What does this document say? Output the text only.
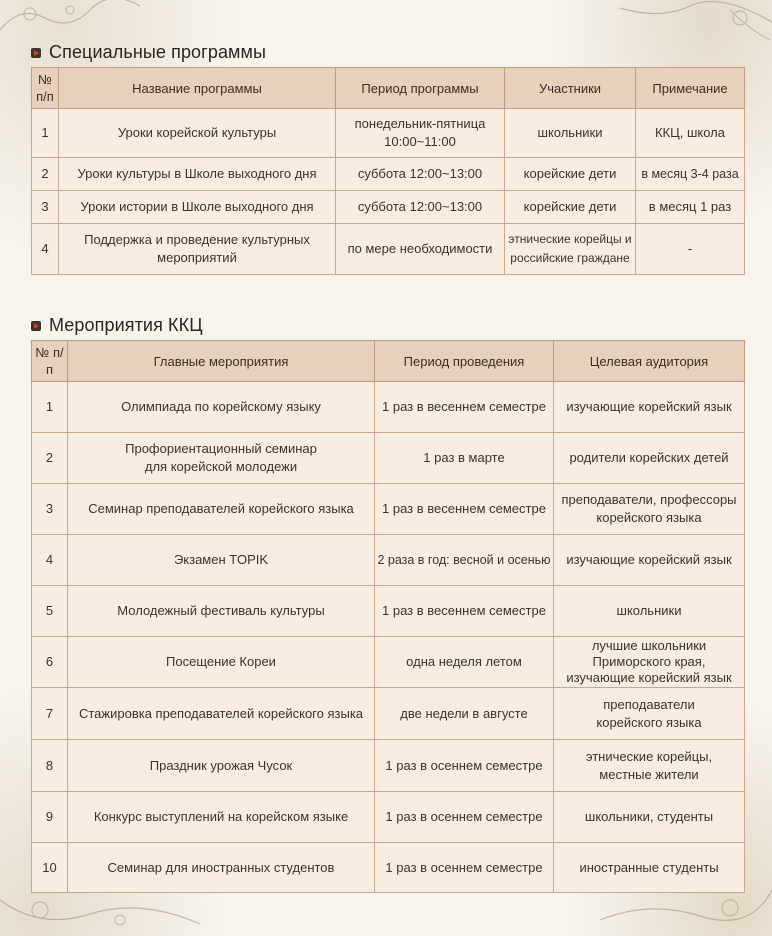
Специальные программы
№ п/п	Название программы	Период программы	Участники	Примечание
1	Уроки корейской культуры	понедельник-пятница 10:00~11:00	школьники	ККЦ, школа
2	Уроки культуры в Школе выходного дня	суббота 12:00~13:00	корейские дети	в месяц 3-4 раза
3	Уроки истории в Школе выходного дня	суббота 12:00~13:00	корейские дети	в месяц 1 раз
4	Поддержка и проведение культурных мероприятий	по мере необходимости	этнические корейцы и российские граждане	-
Мероприятия ККЦ
№ п/п	Главные мероприятия	Период проведения	Целевая аудитория
1	Олимпиада по корейскому языку	1 раз в весеннем семестре	изучающие корейский язык
2	Профориентационный семинар для корейской молодежи	1 раз в марте	родители корейских детей
3	Семинар преподавателей корейского языка	1 раз в весеннем семестре	преподаватели, профессоры корейского языка
4	Экзамен TOPIK	2 раза в год: весной и осенью	изучающие корейский язык
5	Молодежный фестиваль культуры	1 раз в весеннем семестре	школьники
6	Посещение Кореи	одна неделя летом	лучшие школьники Приморского края, изучающие корейский язык
7	Стажировка преподавателей корейского языка	две недели в августе	преподаватели корейского языка
8	Праздник урожая Чусок	1 раз в осеннем семестре	этнические корейцы, местные жители
9	Конкурс выступлений на корейском языке	1 раз в осеннем семестре	школьники, студенты
10	Семинар для иностранных студентов	1 раз в осеннем семестре	иностранные студенты
